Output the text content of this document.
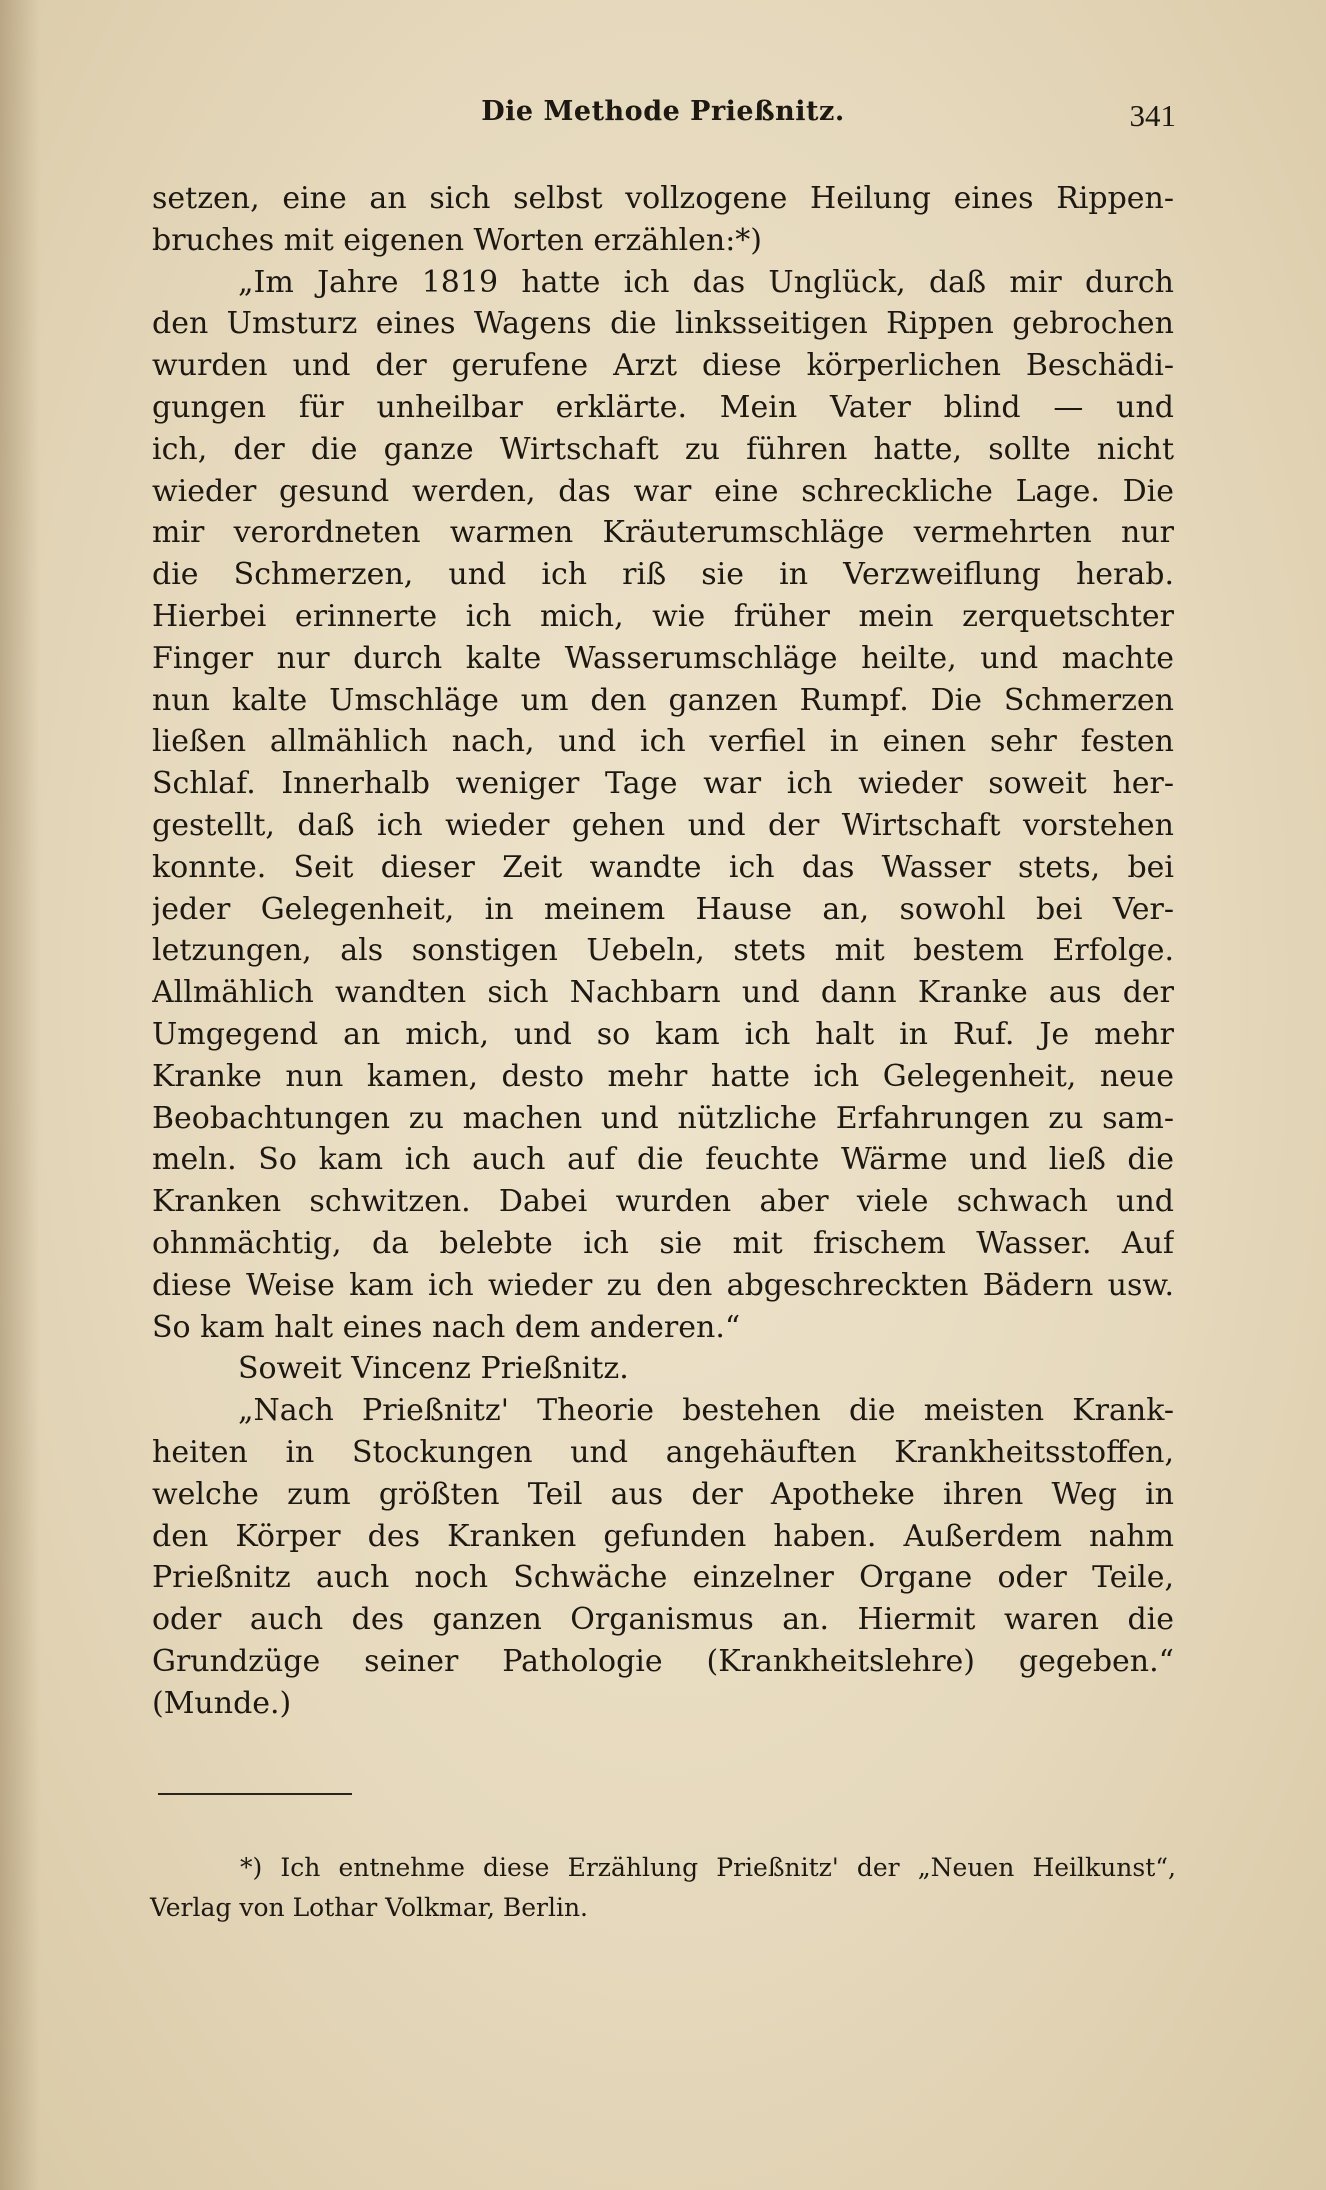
Die Methode Prießnitz.	341
setzen, eine an sich selbst vollzogene Heilung eines Rippen-
bruches mit eigenen Worten erzählen:*)
„Im Jahre 1819 hatte ich das Unglück, daß mir durch
den Umsturz eines Wagens die linksseitigen Rippen gebrochen
wurden und der gerufene Arzt diese körperlichen Beschädi-
gungen für unheilbar erklärte. Mein Vater blind — und
ich, der die ganze Wirtschaft zu führen hatte, sollte nicht
wieder gesund werden, das war eine schreckliche Lage. Die
mir verordneten warmen Kräuterumschläge vermehrten nur
die Schmerzen, und ich riß sie in Verzweiflung herab.
Hierbei erinnerte ich mich, wie früher mein zerquetschter
Finger nur durch kalte Wasserumschläge heilte, und machte
nun kalte Umschläge um den ganzen Rumpf. Die Schmerzen
ließen allmählich nach, und ich verfiel in einen sehr festen
Schlaf. Innerhalb weniger Tage war ich wieder soweit her-
gestellt, daß ich wieder gehen und der Wirtschaft vorstehen
konnte. Seit dieser Zeit wandte ich das Wasser stets, bei
jeder Gelegenheit, in meinem Hause an, sowohl bei Ver-
letzungen, als sonstigen Uebeln, stets mit bestem Erfolge.
Allmählich wandten sich Nachbarn und dann Kranke aus der
Umgegend an mich, und so kam ich halt in Ruf. Je mehr
Kranke nun kamen, desto mehr hatte ich Gelegenheit, neue
Beobachtungen zu machen und nützliche Erfahrungen zu sam-
meln. So kam ich auch auf die feuchte Wärme und ließ die
Kranken schwitzen. Dabei wurden aber viele schwach und
ohnmächtig, da belebte ich sie mit frischem Wasser. Auf
diese Weise kam ich wieder zu den abgeschreckten Bädern usw.
So kam halt eines nach dem anderen.“
Soweit Vincenz Prießnitz.
„Nach Prießnitz' Theorie bestehen die meisten Krank-
heiten in Stockungen und angehäuften Krankheitsstoffen,
welche zum größten Teil aus der Apotheke ihren Weg in
den Körper des Kranken gefunden haben. Außerdem nahm
Prießnitz auch noch Schwäche einzelner Organe oder Teile,
oder auch des ganzen Organismus an. Hiermit waren die
Grundzüge seiner Pathologie (Krankheitslehre) gegeben.“
(Munde.)
*) Ich entnehme diese Erzählung Prießnitz' der „Neuen Heilkunst“,
Verlag von Lothar Volkmar, Berlin.
